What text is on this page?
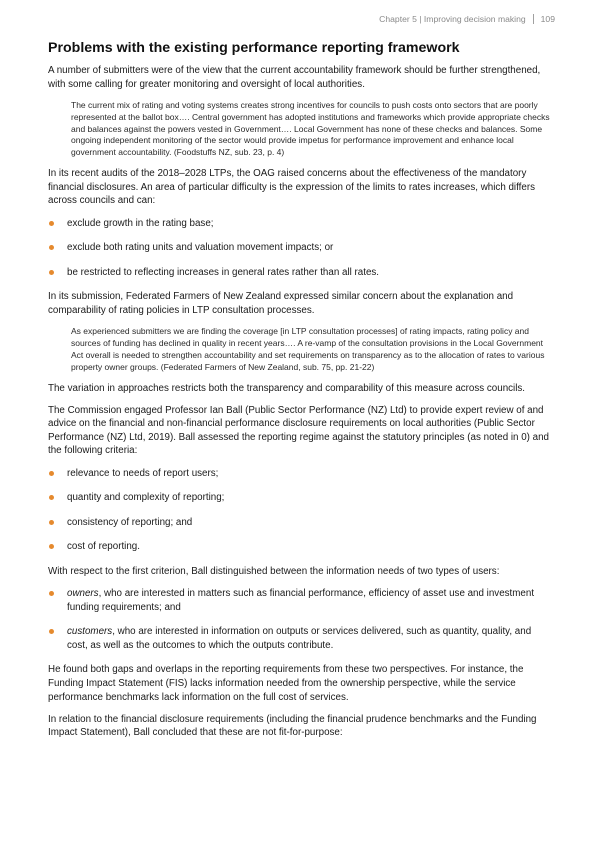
Chapter 5 | Improving decision making 109
Problems with the existing performance reporting framework

A number of submitters were of the view that the current accountability framework should be further strengthened, with some calling for greater monitoring and oversight of local authorities.

The current mix of rating and voting systems creates strong incentives for councils to push costs onto sectors that are poorly represented at the ballot box…. Central government has adopted institutions and frameworks which provide appropriate checks and balances against the powers vested in Government…. Local Government has none of these checks and balances. Some ongoing independent monitoring of the sector would provide impetus for performance improvement and enhance local government accountability. (Foodstuffs NZ, sub. 23, p. 4)

In its recent audits of the 2018–2028 LTPs, the OAG raised concerns about the effectiveness of the mandatory financial disclosures. An area of particular difficulty is the expression of the limits to rates increases, which differs across councils and can:

exclude growth in the rating base;
exclude both rating units and valuation movement impacts; or
be restricted to reflecting increases in general rates rather than all rates.

In its submission, Federated Farmers of New Zealand expressed similar concern about the explanation and comparability of rating policies in LTP consultation processes.

As experienced submitters we are finding the coverage [in LTP consultation processes] of rating impacts, rating policy and sources of funding has declined in quality in recent years…. A re-vamp of the consultation provisions in the Local Government Act overall is needed to strengthen accountability and set requirements on transparency as to the allocation of rates to various property owner groups. (Federated Farmers of New Zealand, sub. 75, pp. 21-22)

The variation in approaches restricts both the transparency and comparability of this measure across councils.

The Commission engaged Professor Ian Ball (Public Sector Performance (NZ) Ltd) to provide expert review of and advice on the financial and non-financial performance disclosure requirements on local authorities (Public Sector Performance (NZ) Ltd, 2019). Ball assessed the reporting regime against the statutory principles (as noted in 0) and the following criteria:

relevance to needs of report users;
quantity and complexity of reporting;
consistency of reporting; and
cost of reporting.

With respect to the first criterion, Ball distinguished between the information needs of two types of users:

owners, who are interested in matters such as financial performance, efficiency of asset use and investment funding requirements; and
customers, who are interested in information on outputs or services delivered, such as quantity, quality, and cost, as well as the outcomes to which the outputs contribute.

He found both gaps and overlaps in the reporting requirements from these two perspectives. For instance, the Funding Impact Statement (FIS) lacks information needed from the ownership perspective, while the service performance benchmarks lack information on the full cost of services.

In relation to the financial disclosure requirements (including the financial prudence benchmarks and the Funding Impact Statement), Ball concluded that these are not fit-for-purpose:
